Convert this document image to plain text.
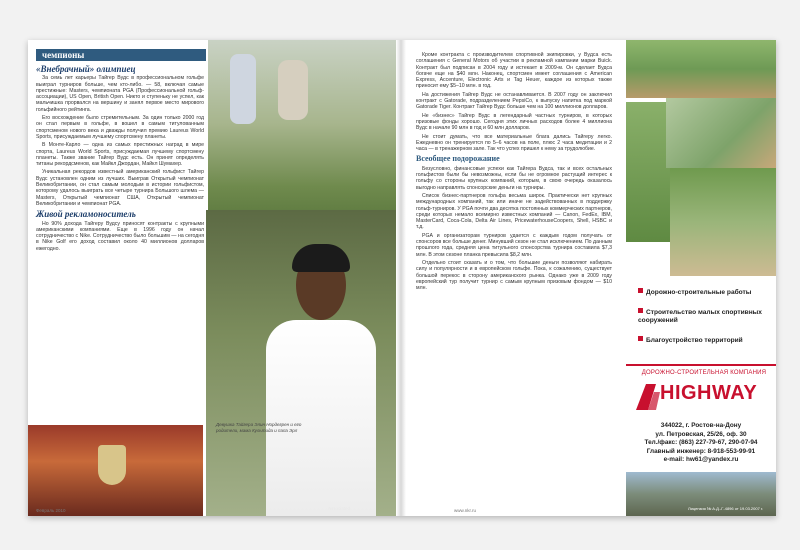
чемпионы
«Внебрачный» олимпиец

За семь лет карьеры Тайгер Вудс в профессиональном гольфе выиграл турниров больше, чем кто-либо. — 58, включая самые престижные: Masters, чемпионата PGA (Профессиональной гольф-ассоциации), US Open, British Open. Никто и ступеньку не успел, как мальчишка прорвался на вершину и занял первое место мирового гольфийного рейтинга.

Его восхождение было стремительным. За один только 2000 год он стал первым в гольфе, в вошел в самым титулованным спортсменом нового века и дважды получил премию Laureus World Sports, присуждаемым лучшему спортсмену планеты.

В Монте-Карло — одна из самых престижных наград в мире спорта, Laureus World Sports, присуждаемая лучшему спортсмену планеты. Также звание Тайгер Вудс есть. Он принят определять титаны рекордсменов, как Майкл Джордан, Майкл Шумахер.

Уникальная рекордов известный американский гольфист Тайгер Вудс установлен одним из лучших. Выиграв Открытый чемпионат Великобритании, он стал самым молодым в истории гольфистом, которому удалось выиграть все четыре турнира Большого шлема — Masters, Открытый чемпионат США, Открытый чемпионат Великобритании и чемпионат PGA.

Живой рекламоноситель

Но 90% дохода Тайгеру Вудсу приносят контракты с крупными американскими компаниями. Еще в 1996 году он начал сотрудничество с Nike. Сотрудничество было большим — на сегодня в Nike Golf его доход составил около 40 миллионов долларов ежегодно.

Девушка Тайгера Элин Нордегрен и его родители, мама Культида и папа Эрл
Associated
Февраль 2010

Кроме контракта с производителем спортивной экипировки, у Вудса есть соглашения с General Motors об участии в рекламной кампании марки Buick. Контракт был подписан в 2004 году и истекает в 2009-м. Он сделает Вудса богаче еще на $40 млн. Наконец, спортсмен имеет соглашения с American Express, Accenture, Electronic Arts и Tag Heuer, каждое из которых также приносит ему $5–10 млн. в год.

На достижения Тайгер Вудс не останавливается. В 2007 году он заключил контракт с Gatorade, подразделением PepsiCo, к выпуску напитка под маркой Gatorade Tiger. Контракт Тайгер Вудс больше чем на 100 миллионов долларов.

Не «бизнес» Тайгер Вудс в легендарный частных турниров, в которых призовые фонды хорошо. Сегодня этих личных расходов более 4 миллиона Вудс в начале 90 млн в год и 60 млн долларов.

Не стоит думать, что все материальные блага дались Тайгеру легко. Ежедневно он тренируется по 5–6 часов на поле, плюс 2 часа медитации и 2 часа — в тренажерном зале. Так что успех пришел к нему за трудолюбие.

Всеобщее подорожание

Безусловно, финансовые успехи как Тайгера Вудса, так и всех остальных гольфистов были бы невозможны, если бы не огромное растущий интерес к гольфу со стороны крупных компаний, которым, в свою очередь оказалось выгодно направлять спонсорские деньги на турниры.

Список бизнес-партнеров гольфа весьма широк. Практически нет крупных международных компаний, так или иначе не задействованных в поддержку гольф-турниров. У PGA почти два десятка постоянных коммерческих партнеров, среди которых немало всемирно известных компаний — Canon, FedEx, IBM, MasterCard, Coca-Cola, Delta Air Lines, PricewaterhouseCoopers, Shell, HSBC и т.д.

PGA и организаторам турниров удается с каждым годом получать от спонсоров все больше денег. Минувший сезон не стал исключением. По данным прошлого года, средняя цена титульного спонсорства турнира составила $7,3 млн. В этом сезоне планка превысила $8,2 млн.

Отдельно стоит сказать и о том, что большие деньги позволяют набирать силу и популярности и в европейском гольфе. Пока, к сожалению, существует большой перекос в сторону американского рынка. Однако уже в 2009 году европейский тур получит турнир с самым крупным призовым фондом — $10 млн.

www.nkr.ru
Дорожно-строительные работы
Строительство малых спортивных сооружений
Благоустройство территорий
ДОРОЖНО-СТРОИТЕЛЬНАЯ КОМПАНИЯ
HIGHWAY
344022, г. Ростов-на-Дону
ул. Петровская, 25/26, оф. 30
Тел./факс: (863) 227-79-67, 290-07-94
Главный инженер: 8-918-553-99-91
e-mail: hw61@yandex.ru
Лицензия № А.Д.-Г-4896 от 19.03.2007 г.
